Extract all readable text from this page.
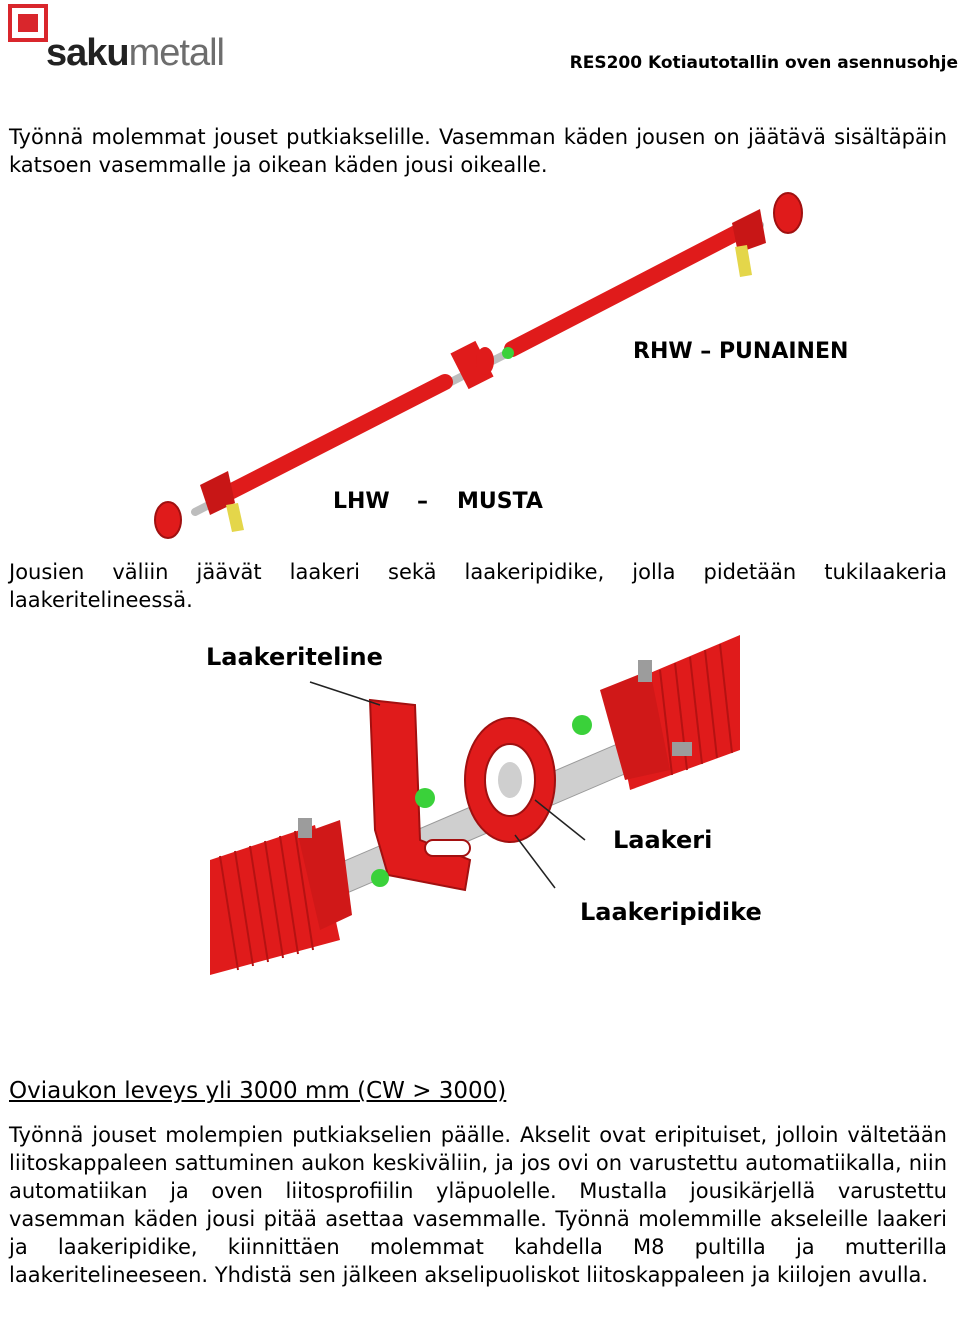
sakumetall	RES200 Kotiautotallin oven asennusohje

Työnnä molemmat jouset putkiakselille. Vasemman käden jousen on jäätävä sisältäpäin katsoen vasemmalle ja oikean käden jousi oikealle.

RHW – PUNAINEN
LHW – MUSTA

Jousien väliin jäävät laakeri sekä laakeripidike, jolla pidetään tukilaakeria laakeritelineessä.

Laakeriteline
Laakeri
Laakeripidike

Oviaukon leveys yli 3000 mm (CW > 3000)

Työnnä jouset molempien putkiakselien päälle. Akselit ovat eripituiset, jolloin vältetään liitoskappaleen sattuminen aukon keskiväliin, ja jos ovi on varustettu automatiikalla, niin automatiikan ja oven liitosprofiilin yläpuolelle. Mustalla jousikärjellä varustettu vasemman käden jousi pitää asettaa vasemmalle. Työnnä molemmille akseleille laakeri ja laakeripidike, kiinnittäen molemmat kahdella M8 pultilla ja mutterilla laakeritelineeseen. Yhdistä sen jälkeen akselipuoliskot liitoskappaleen ja kiilojen avulla.
